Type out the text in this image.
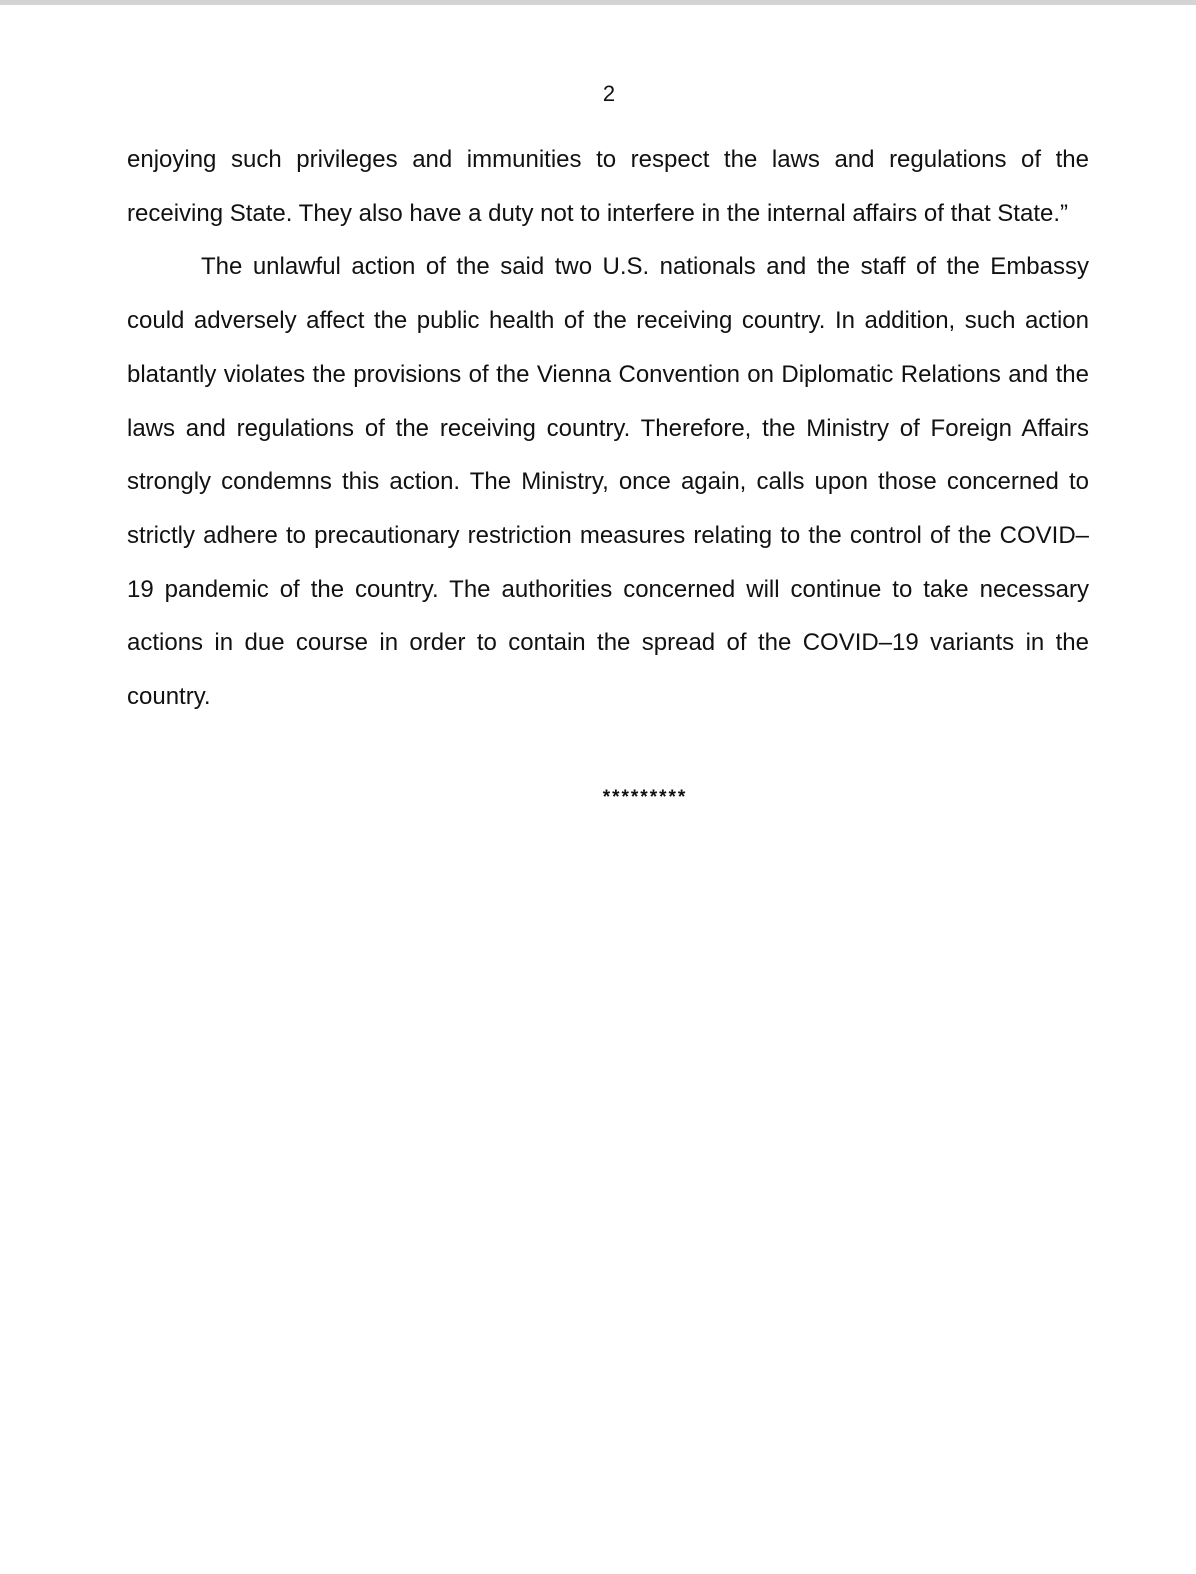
2

enjoying such privileges and immunities to respect the laws and regulations of the receiving State. They also have a duty not to interfere in the internal affairs of that State.”

The unlawful action of the said two U.S. nationals and the staff of the Embassy could adversely affect the public health of the receiving country. In addition, such action blatantly violates the provisions of the Vienna Convention on Diplomatic Relations and the laws and regulations of the receiving country. Therefore, the Ministry of Foreign Affairs strongly condemns this action. The Ministry, once again, calls upon those concerned to strictly adhere to precautionary restriction measures relating to the control of the COVID–19 pandemic of the country. The authorities concerned will continue to take necessary actions in due course in order to contain the spread of the COVID–19 variants in the country.

*********
